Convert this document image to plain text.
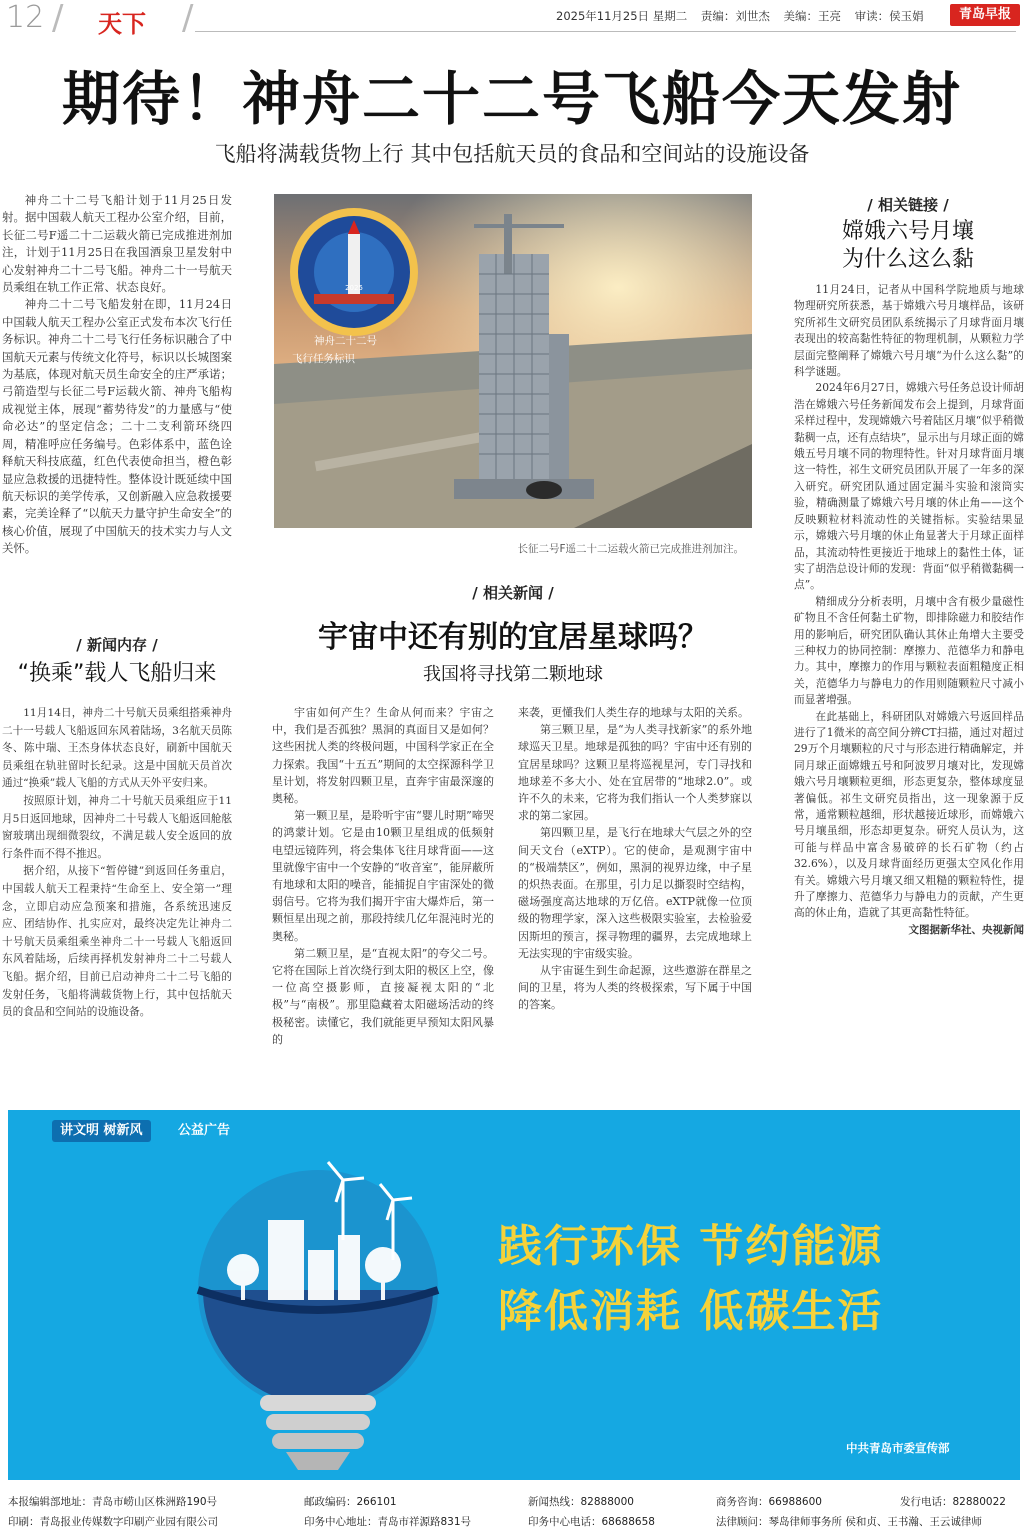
12 / 天下 /	2025年11月25日 星期二 责编：刘世杰 美编：王亮 审读：侯玉娟	青岛早报
期待！神舟二十二号飞船今天发射
飞船将满载货物上行 其中包括航天员的食品和空间站的设施设备

神舟二十二号飞船计划于11月25日发射。据中国载人航天工程办公室介绍，目前，长征二号F遥二十二运载火箭已完成推进剂加注，计划于11月25日在我国酒泉卫星发射中心发射神舟二十二号飞船。神舟二十一号航天员乘组在轨工作正常、状态良好。

神舟二十二号飞船发射在即，11月24日中国载人航天工程办公室正式发布本次飞行任务标识。神舟二十二号飞行任务标识融合了中国航天元素与传统文化符号，标识以长城图案为基底，体现对航天员生命安全的庄严承诺；弓箭造型与长征二号F运载火箭、神舟飞船构成视觉主体，展现“蓄势待发”的力量感与“使命必达”的坚定信念；二十二支利箭环绕四周，精准呼应任务编号。色彩体系中，蓝色诠释航天科技底蕴，红色代表使命担当，橙色彰显应急救援的迅捷特性。整体设计既延续中国航天标识的美学传承，又创新融入应急救援要素，完美诠释了“以航天力量守护生命安全”的核心价值，展现了中国航天的技术实力与人文关怀。

/ 新闻内存 /
“换乘”载人飞船归来

11月14日，神舟二十号航天员乘组搭乘神舟二十一号载人飞船返回东风着陆场，3名航天员陈冬、陈中瑞、王杰身体状态良好，刷新中国航天员乘组在轨驻留时长纪录。这是中国航天员首次通过“换乘”载人飞船的方式从天外平安归来。

按照原计划，神舟二十号航天员乘组应于11月5日返回地球，因神舟二十号载人飞船返回舱舷窗玻璃出现细微裂纹，不满足载人安全返回的放行条件而不得不推迟。

据介绍，从接下“暂停键”到返回任务重启，中国载人航天工程秉持“生命至上、安全第一”理念，立即启动应急预案和措施，各系统迅速反应、团结协作、扎实应对，最终决定先让神舟二十号航天员乘组乘坐神舟二十一号载人飞船返回东风着陆场，后续再择机发射神舟二十二号载人飞船。据介绍，目前已启动神舟二十二号飞船的发射任务，飞船将满载货物上行，其中包括航天员的食品和空间站的设施设备。

2025
神舟二十二号
飞行任务标识
长征二号F遥二十二运载火箭已完成推进剂加注。
/ 相关新闻 /
宇宙中还有别的宜居星球吗？
我国将寻找第二颗地球

宇宙如何产生？生命从何而来？宇宙之中，我们是否孤独？黑洞的真面目又是如何？这些困扰人类的终极问题，中国科学家正在全力探索。我国“十五五”期间的太空探源科学卫星计划，将发射四颗卫星，直奔宇宙最深邃的奥秘。

第一颗卫星，是聆听宇宙“婴儿时期”啼哭的鸿蒙计划。它是由10颗卫星组成的低频射电望远镜阵列，将会集体飞往月球背面——这里就像宇宙中一个安静的“收音室”，能屏蔽所有地球和太阳的噪音，能捕捉自宇宙深处的微弱信号。它将为我们揭开宇宙大爆炸后，第一颗恒星出现之前，那段持续几亿年混沌时光的奥秘。

第二颗卫星，是“直视太阳”的夸父二号。它将在国际上首次绕行到太阳的极区上空，像一位高空摄影师，直接凝视太阳的“北极”与“南极”。那里隐藏着太阳磁场活动的终极秘密。读懂它，我们就能更早预知太阳风暴的

来袭，更懂我们人类生存的地球与太阳的关系。

第三颗卫星，是“为人类寻找新家”的系外地球巡天卫星。地球是孤独的吗？宇宙中还有别的宜居星球吗？这颗卫星将巡视星河，专门寻找和地球差不多大小、处在宜居带的“地球2.0”。或许不久的未来，它将为我们指认一个人类梦寐以求的第二家园。

第四颗卫星，是飞行在地球大气层之外的空间天文台（eXTP）。它的使命，是观测宇宙中的“极端禁区”，例如，黑洞的视界边缘，中子星的炽热表面。在那里，引力足以撕裂时空结构，磁场强度高达地球的万亿倍。eXTP就像一位顶级的物理学家，深入这些极限实验室，去检验爱因斯坦的预言，探寻物理的疆界，去完成地球上无法实现的宇宙级实验。

从宇宙诞生到生命起源，这些遨游在群星之间的卫星，将为人类的终极探索，写下属于中国的答案。

/ 相关链接 /
嫦娥六号月壤
为什么这么黏

11月24日，记者从中国科学院地质与地球物理研究所获悉，基于嫦娥六号月壤样品，该研究所祁生文研究员团队系统揭示了月球背面月壤表现出的较高黏性特征的物理机制，从颗粒力学层面完整阐释了嫦娥六号月壤“为什么这么黏”的科学谜题。

2024年6月27日，嫦娥六号任务总设计师胡浩在嫦娥六号任务新闻发布会上提到，月球背面采样过程中，发现嫦娥六号着陆区月壤“似乎稍微黏稠一点，还有点结块”，显示出与月球正面的嫦娥五号月壤不同的物理特性。针对月球背面月壤这一特性，祁生文研究员团队开展了一年多的深入研究。研究团队通过固定漏斗实验和滚筒实验，精确测量了嫦娥六号月壤的休止角——这个反映颗粒材料流动性的关键指标。实验结果显示，嫦娥六号月壤的休止角显著大于月球正面样品，其流动特性更接近于地球上的黏性土体，证实了胡浩总设计师的发现：背面“似乎稍微黏稠一点”。

精细成分分析表明，月壤中含有极少量磁性矿物且不含任何黏土矿物，即排除磁力和胶结作用的影响后，研究团队确认其休止角增大主要受三种权力的协同控制：摩擦力、范德华力和静电力。其中，摩擦力的作用与颗粒表面粗糙度正相关，范德华力与静电力的作用则随颗粒尺寸减小而显著增强。

在此基础上，科研团队对嫦娥六号返回样品进行了1微米的高空间分辨CT扫描，通过对超过29万个月壤颗粒的尺寸与形态进行精确解定，并同月球正面嫦娥五号和阿波罗月壤对比，发现嫦娥六号月壤颗粒更细，形态更复杂，整体球度显著偏低。祁生文研究员指出，这一现象源于反常，通常颗粒越细，形状越接近球形，而嫦娥六号月壤虽细，形态却更复杂。研究人员认为，这可能与样品中富含易破碎的长石矿物（约占32.6%），以及月球背面经历更强太空风化作用有关。嫦娥六号月壤又细又粗糙的颗粒特性，提升了摩擦力、范德华力与静电力的贡献，产生更高的休止角，造就了其更高黏性特征。

文图据新华社、央视新闻
讲文明 树新风	公益广告
践行环保 节约能源
降低消耗 低碳生活
中共青岛市委宣传部
本报编辑部地址：青岛市崂山区株洲路190号
印刷：青岛报业传媒数字印刷产业园有限公司
邮政编码：266101
印务中心地址：青岛市祥源路831号
新闻热线：82888000
印务中心电话：68688658
商务咨询：66988600
法律顾问：琴岛律师事务所 侯和贞、王书瀚、王云诚律师
发行电话：82880022
